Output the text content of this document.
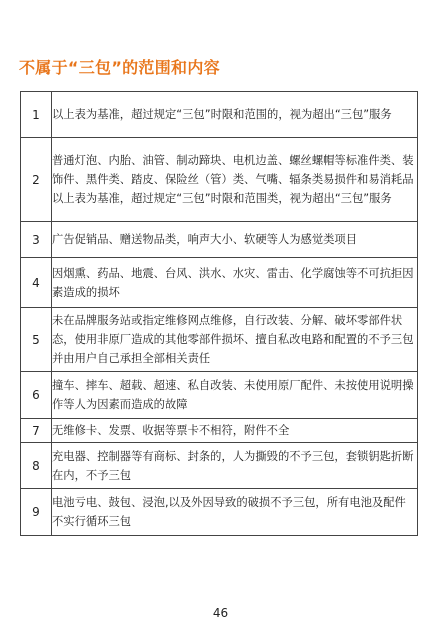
不属于“三包”的范围和内容
1	以上表为基准，超过规定“三包”时限和范围的，视为超出“三包”服务
2	普通灯泡、内胎、油管、制动蹄块、电机边盖、螺丝螺帽等标准件类、装饰件、黑件类、踏皮、保险丝（管）类、气嘴、辐条类易损件和易消耗品以上表为基准，超过规定“三包”时限和范围类，视为超出“三包”服务
3	广告促销品、赠送物品类，响声大小、软硬等人为感觉类项目
4	因烟熏、药品、地震、台风、洪水、水灾、雷击、化学腐蚀等不可抗拒因素造成的损坏
5	未在品牌服务站或指定维修网点维修，自行改装、分解、破坏零部件状态，使用非原厂造成的其他零部件损坏、擅自私改电路和配置的不予三包并由用户自己承担全部相关责任
6	撞车、摔车、超载、超速、私自改装、未使用原厂配件、未按使用说明操作等人为因素而造成的故障
7	无维修卡、发票、收据等票卡不相符，附件不全
8	充电器、控制器等有商标、封条的，人为撕毁的不予三包，套锁钥匙折断在内，不予三包
9	电池亏电、鼓包、浸泡,以及外因导致的破损不予三包，所有电池及配件不实行循环三包
46
